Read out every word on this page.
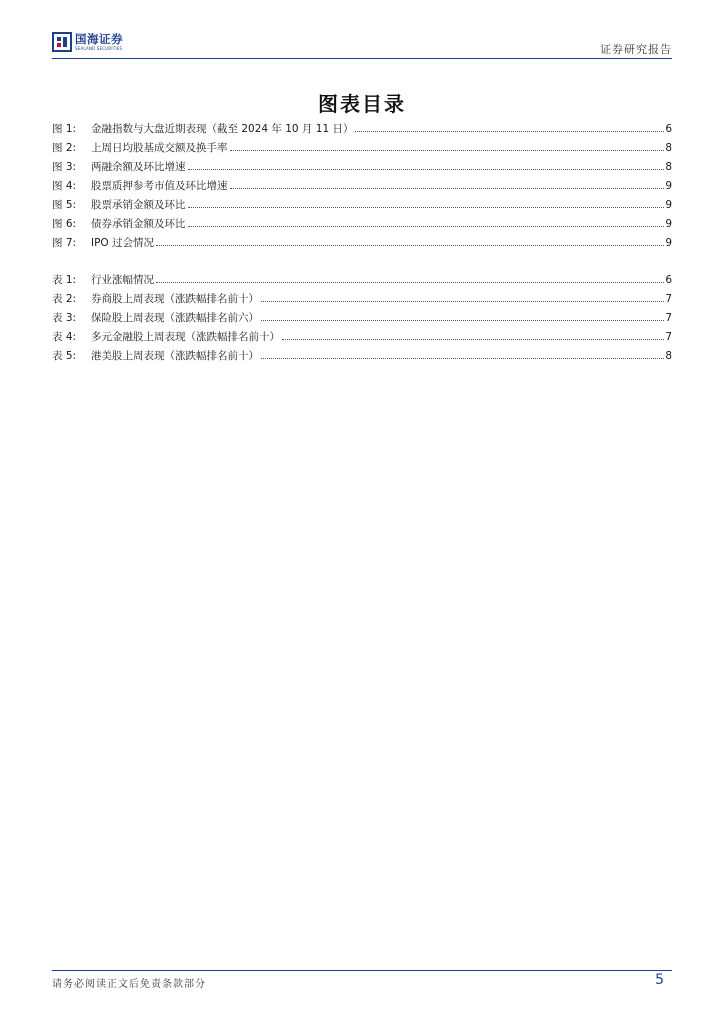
国海证券
SEALAND SECURITIES	证券研究报告
图表目录
图 1:	金融指数与大盘近期表现（截至 2024 年 10 月 11 日）	6
图 2:	上周日均股基成交额及换手率	8
图 3:	两融余额及环比增速	8
图 4:	股票质押参考市值及环比增速	9
图 5:	股票承销金额及环比	9
图 6:	债券承销金额及环比	9
图 7:	IPO 过会情况	9
表 1:	行业涨幅情况	6
表 2:	券商股上周表现（涨跌幅排名前十）	7
表 3:	保险股上周表现（涨跌幅排名前六）	7
表 4:	多元金融股上周表现（涨跌幅排名前十）	7
表 5:	港美股上周表现（涨跌幅排名前十）	8
请务必阅读正文后免责条款部分	5
